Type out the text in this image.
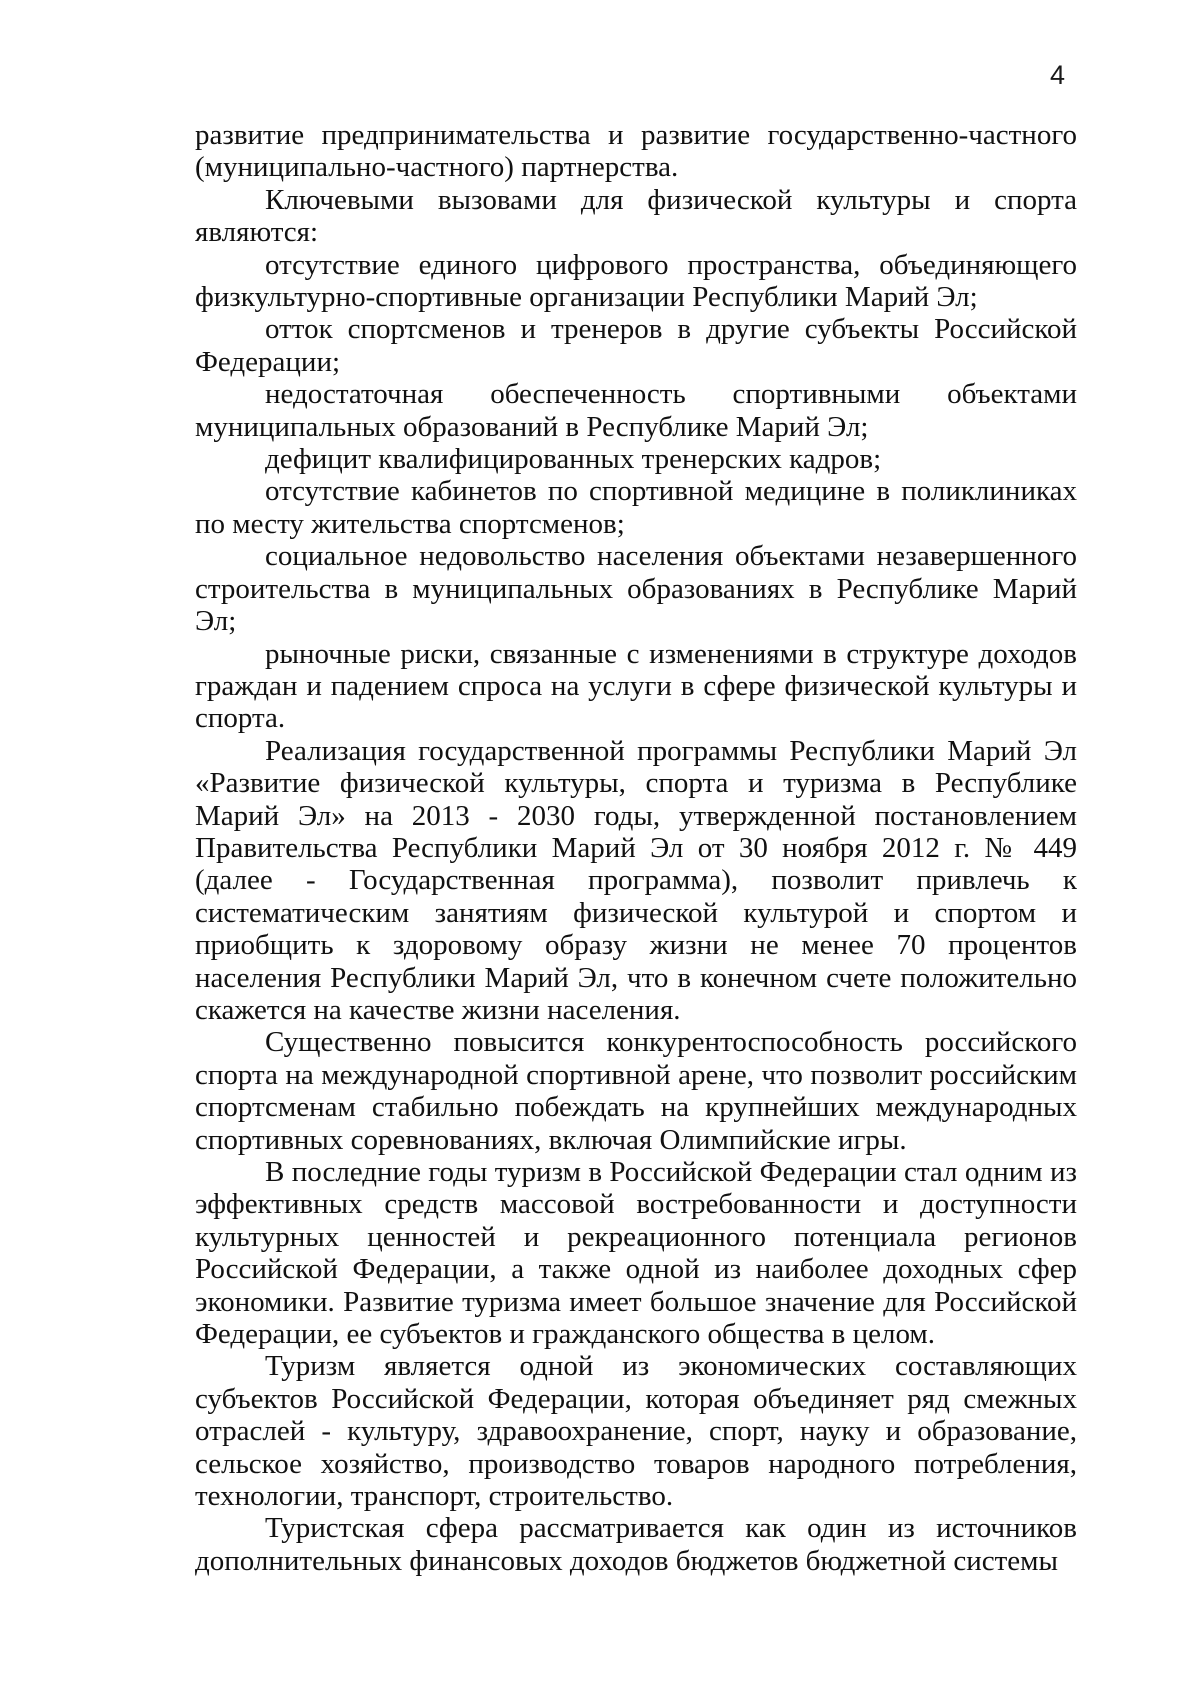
4

развитие предпринимательства и развитие государственно-частного (муниципально-частного) партнерства.

Ключевыми вызовами для физической культуры и спорта являются:

отсутствие единого цифрового пространства, объединяющего физкультурно-спортивные организации Республики Марий Эл;

отток спортсменов и тренеров в другие субъекты Российской Федерации;

недостаточная обеспеченность спортивными объектами муниципальных образований в Республике Марий Эл;

дефицит квалифицированных тренерских кадров;

отсутствие кабинетов по спортивной медицине в поликлиниках по месту жительства спортсменов;

социальное недовольство населения объектами незавершенного строительства в муниципальных образованиях в Республике Марий Эл;

рыночные риски, связанные с изменениями в структуре доходов граждан и падением спроса на услуги в сфере физической культуры и спорта.

Реализация государственной программы Республики Марий Эл «Развитие физической культуры, спорта и туризма в Республике Марий Эл» на 2013 - 2030 годы, утвержденной постановлением Правительства Республики Марий Эл от 30 ноября 2012 г. № 449 (далее - Государственная программа), позволит привлечь к систематическим занятиям физической культурой и спортом и приобщить к здоровому образу жизни не менее 70 процентов населения Республики Марий Эл, что в конечном счете положительно скажется на качестве жизни населения.

Существенно повысится конкурентоспособность российского спорта на международной спортивной арене, что позволит российским спортсменам стабильно побеждать на крупнейших международных спортивных соревнованиях, включая Олимпийские игры.

В последние годы туризм в Российской Федерации стал одним из эффективных средств массовой востребованности и доступности культурных ценностей и рекреационного потенциала регионов Российской Федерации, а также одной из наиболее доходных сфер экономики. Развитие туризма имеет большое значение для Российской Федерации, ее субъектов и гражданского общества в целом.

Туризм является одной из экономических составляющих субъектов Российской Федерации, которая объединяет ряд смежных отраслей - культуру, здравоохранение, спорт, науку и образование, сельское хозяйство, производство товаров народного потребления, технологии, транспорт, строительство.

Туристская сфера рассматривается как один из источников дополнительных финансовых доходов бюджетов бюджетной системы
